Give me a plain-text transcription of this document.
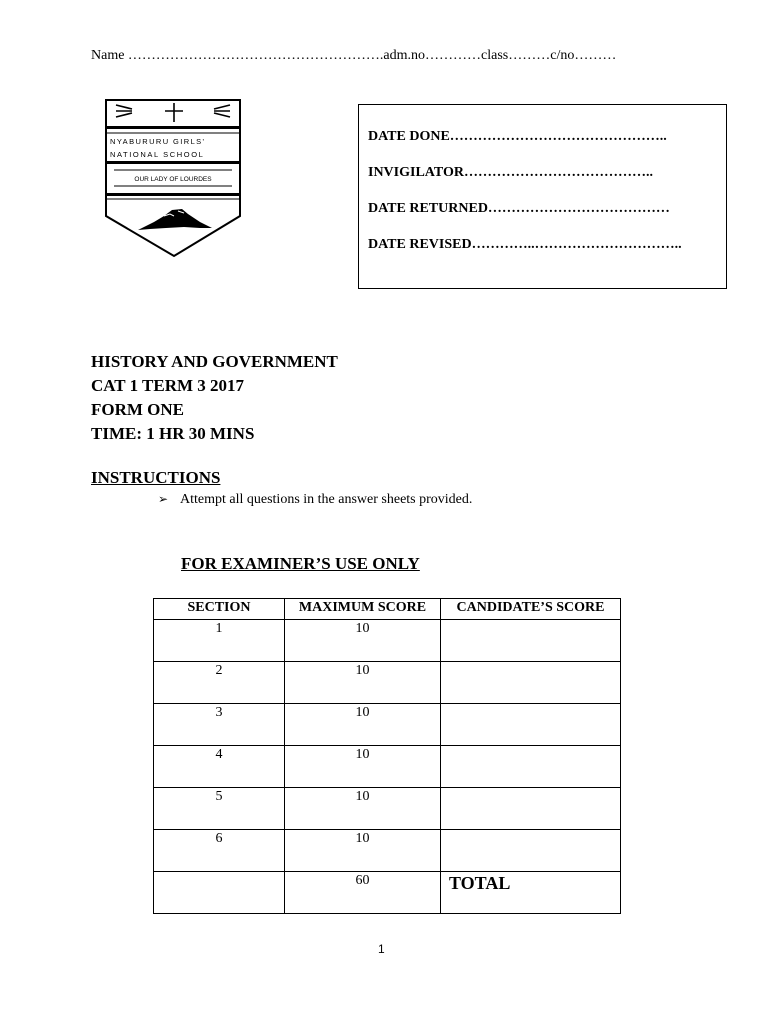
Name ……………………………………………….adm.no…………class………c/no………
NYABURURU GIRLS'
NATIONAL SCHOOL
OUR LADY OF LOURDES
DATE DONE………………………………………..
INVIGILATOR…………………………………..
DATE RETURNED…………………………………
DATE REVISED…………..…………………………..
HISTORY AND GOVERNMENT
CAT 1 TERM 3 2017
FORM ONE
TIME: 1 HR 30 MINS
INSTRUCTIONS
➢ Attempt all questions in the answer sheets provided.
FOR EXAMINER’S USE ONLY
SECTION	MAXIMUM SCORE	CANDIDATE’S SCORE
1	10	
2	10	
3	10	
4	10	
5	10	
6	10	
	60	TOTAL
1
